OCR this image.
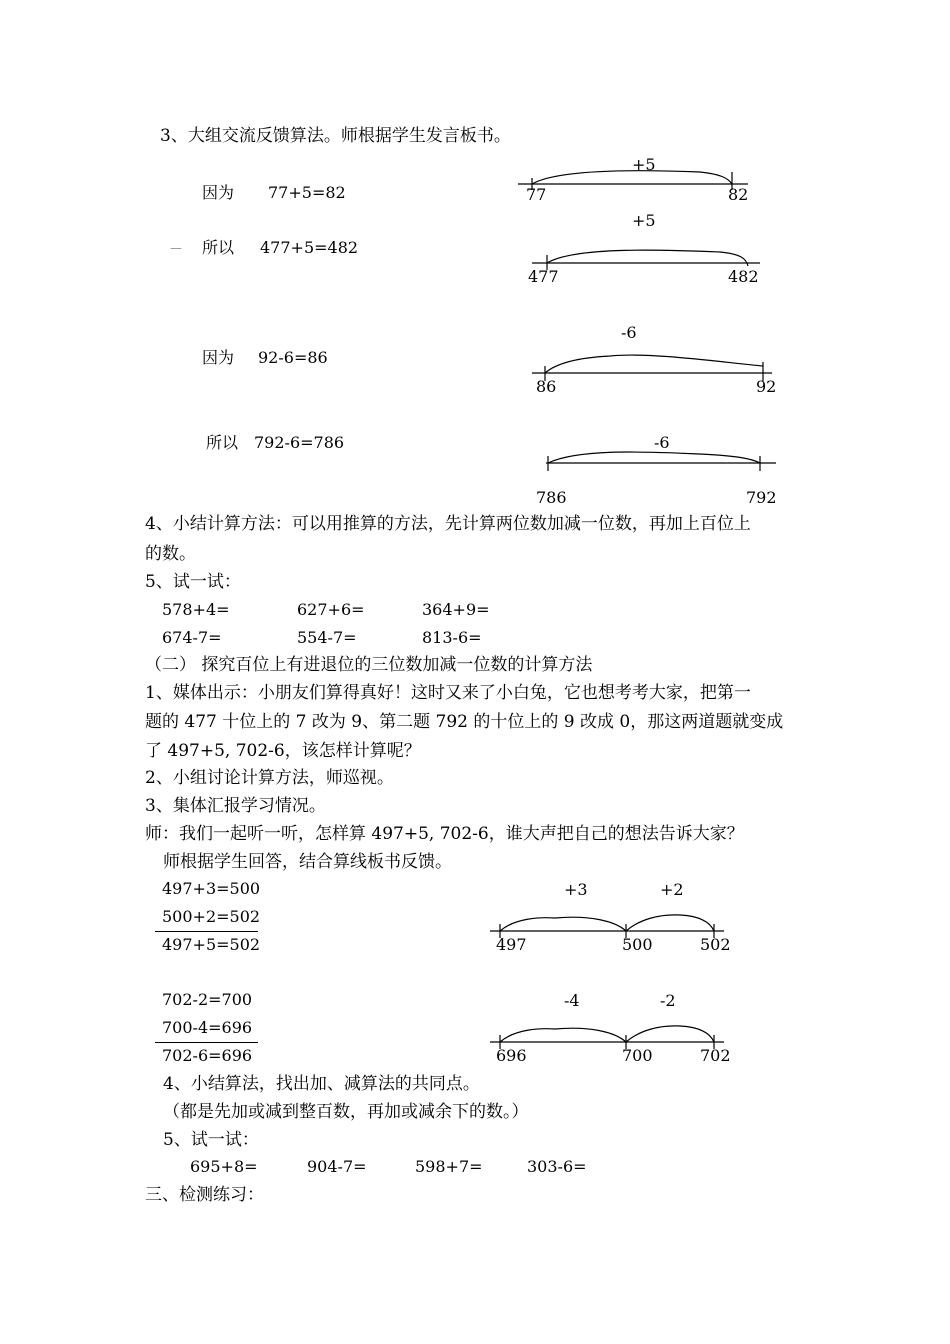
3、大组交流反馈算法。师根据学生发言板书。
因为 77+5=82
— 所以 477+5=482
因为 92-6=86
所以 792-6=786
+5
77	82
+5
477	482
-6
86	92
-6
786	792
+3	+2
497	500	502
-4	-2
696	700	702
4、小结计算方法：可以用推算的方法，先计算两位数加减一位数，再加上百位上
的数。
5、试一试：
578+4=	627+6=	364+9=
674-7=	554-7=	813-6=
（二） 探究百位上有进退位的三位数加减一位数的计算方法
1、媒体出示：小朋友们算得真好！这时又来了小白兔，它也想考考大家，把第一
题的 477 十位上的 7 改为 9、第二题 792 的十位上的 9 改成 0，那这两道题就变成
了 497+5, 702-6，该怎样计算呢？
2、小组讨论计算方法，师巡视。
3、集体汇报学习情况。
师：我们一起听一听，怎样算 497+5, 702-6，谁大声把自己的想法告诉大家？
师根据学生回答，结合算线板书反馈。
497+3=500
500+2=502
497+5=502
702-2=700
700-4=696
702-6=696
4、小结算法，找出加、减算法的共同点。
（都是先加或减到整百数，再加或减余下的数。）
5、试一试：
695+8=	904-7=	598+7=	303-6=
三、检测练习：
